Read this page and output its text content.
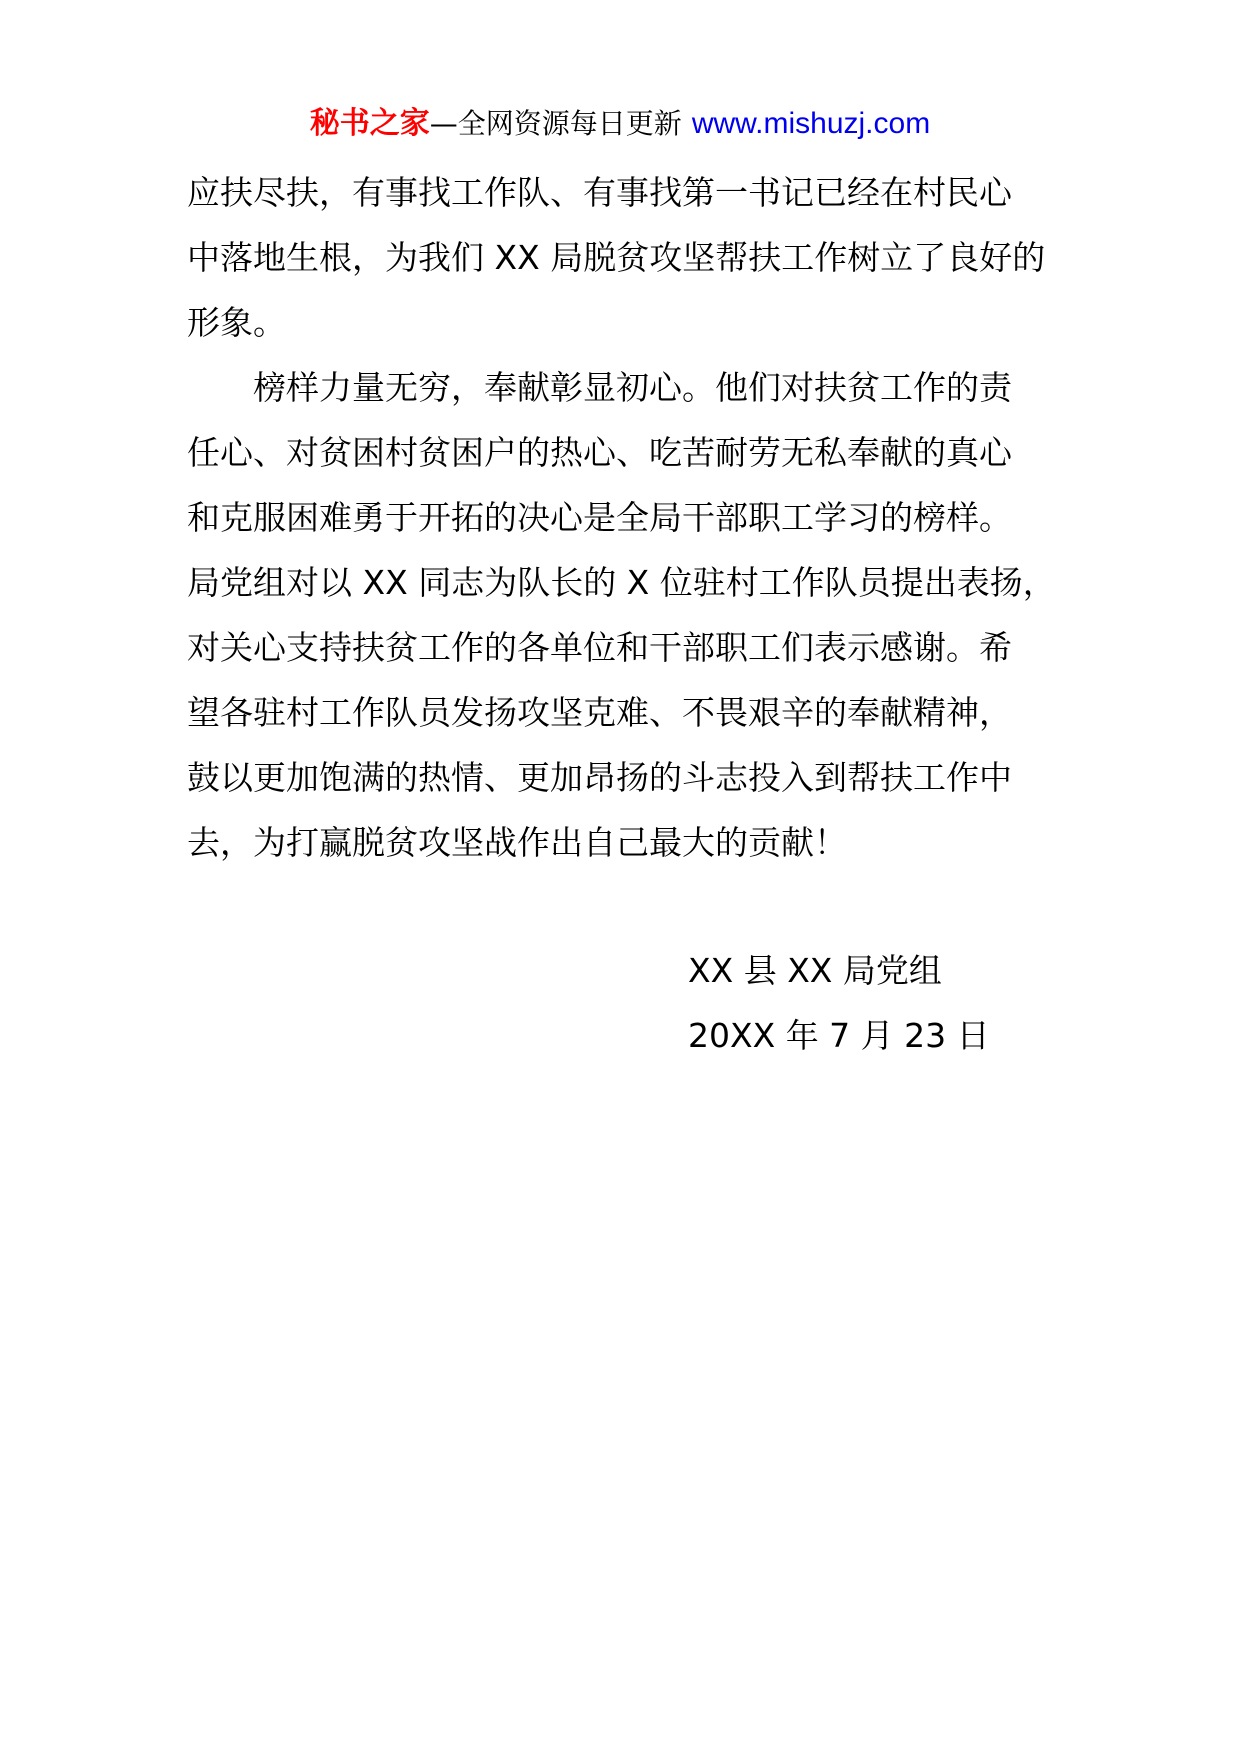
秘书之家—全网资源每日更新 www.mishuzj.com
应扶尽扶，有事找工作队、有事找第一书记已经在村民心
中落地生根，为我们 XX 局脱贫攻坚帮扶工作树立了良好的
形象。
榜样力量无穷，奉献彰显初心。他们对扶贫工作的责
任心、对贫困村贫困户的热心、吃苦耐劳无私奉献的真心
和克服困难勇于开拓的决心是全局干部职工学习的榜样。
局党组对以 XX 同志为队长的 X 位驻村工作队员提出表扬，
对关心支持扶贫工作的各单位和干部职工们表示感谢。希
望各驻村工作队员发扬攻坚克难、不畏艰辛的奉献精神，
鼓以更加饱满的热情、更加昂扬的斗志投入到帮扶工作中
去，为打赢脱贫攻坚战作出自己最大的贡献！
XX 县 XX 局党组
20XX 年 7 月 23 日
